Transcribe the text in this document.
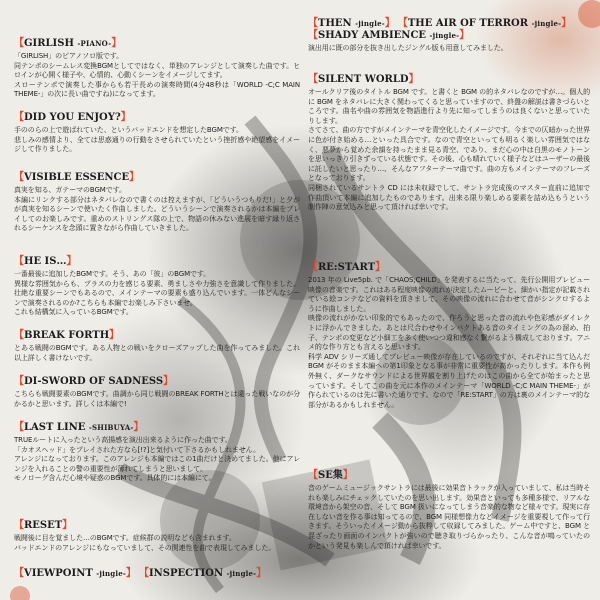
【GIRLISH -PIANO-】

「GIRLISH」のピアノソロ版です。
同テンポのシームレス変換BGMとしてではなく、単独のアレンジとして演奏した曲です。ヒロインが心開く様子や、心情的、心動くシーンをイメージしてます。
スローテンポで演奏した事からも若干長めの演奏時間(4分48秒は「WORLD -C;C MAIN THEME-」の次に長い曲ですね)になってます。

【DID YOU ENJOY?】

手ののらの上で遊ばれていた、というバッドエンドを想定したBGMです。
悲しみの感情より、全ては思惑通りの行動をさせられていたという挫折感や絶望感をイメージして作りました。

【VISIBLE ESSENCE】

真実を知る、ガテーマのBGMです。
本編にリンクする部分はネタバレなので書くのは控えますが、「どういうつもりだ!」と夕がが真実を知るシーンで使いたく作曲しました。どういうシーンで演奏されるかは本編をプレイしてのお楽しみです。重めのストリングス隊の上で、物語の休みない進展を暗す縁り返されるシーケンスを念頭に置きながら作曲していきました。

【HE IS…】

一番最後に追加したBGMです。そう、あの「彼」のBGMです。
異様な雰囲気からも、プラスの力を感じる要素、勇ましさや力強さを意識して作りました。壮絶な重要シーンでもあるので、メインテーマの要素も盛り込んでいます。一体どんなシーンで演奏されるのか?こちらも本編でお楽しみ下さいませ。
これも結構気に入っているBGMです。

【BREAK FORTH】

とある戦闘のBGMです。ある人物との戦いをクローズアップした曲を作ってみました。これ以上詳しく書けないです。

【DI-SWORD OF SADNESS】

こちらも戦闘要素のBGMです。曲調から同じ戦闘のBREAK FORTHとは違った戦いなのが分かるかと思います。詳しくは本編で!

【LAST LINE -SHIBUYA-】

TRUEルートに入ったという高揚感を演出出来るように作った曲です。
「カオスヘッド」をプレイされた方なら[!?]と気付いて下さるかもしれません。
アレンジになっております。このアレンジも本編ではこの1曲だけと決めてました。他にアレンジを入れることの警の重要性が薄れてしまうと思いまして。
モノローグ含んだ心境や疑惑のBGMです。具体的には本編にて。

【RESET】

戦闘後に目を覚ました…のBGMです。症候群の説明なども含まれます。
バッドエンドのアレンジにもなっていまして、その関連性を曲で表現してみました。

【VIEWPOINT -jingle-】 【INSPECTION -jingle-】
【THEN -jingle-】 【THE AIR OF TERROR -jingle-】
【SHADY AMBIENCE -jingle-】

演出用に既の部分を抜き出したジングル版も用意してみました。

【SILENT WORLD】

オールクリア後のタイトル BGM です。と書くと BGM の的ネタバレなのですが…。個人的に BGM をネタバレに大きく関わってくると思っていますので、終盤の解説は書きづらいところです。曲名や曲の雰囲気を物語進行より先に知ってしまうのは良くないと思っていたりします。
さてさて、曲の方ですがメインテーマを青空化したイメージです。今までの仄暗かった世界に色が付き始める…といった具合です。なので青空といっても明るく楽しい雰囲気ではなく、悪夢から覚めた余韻を持ったまま見る青空、であり、まだ心の中は白黒のモノトーンを思いっきり引きずっている状態です。その後、心も晴れていく様子などはユーザーの最後に託したいと思ったり…、そんなアフターテーマ曲です。曲の方もメインテーマのフレーズとなっております。
同梱されているサントラ CD には未収録でして、サントラ完成後のマスター直前に追加で作曲頂いて本編に追加したものであります。出来る限り楽しめる要素を詰め込もうという制作陣の意気込みと思って頂ければ幸いです。

【RE:START】

2013 年の Live5pb. で「CHAOS;CHILD」を発表するに当たって、先行公開用プレビュー映像の音楽です。これはある程度映像の流れが決定したムービーと、細かい指定が記載されている絵コンテなどの資料を頂きまして、その映像の流れに合わせて音がシンクロするように作曲しました。
映像の流れがかない印象的でもあったので、作ろうと思った音の流れや色彩感がダイレクトに浮かんできました。あとは尺合わせやインパクトある音のタイミングの為の溜め、拍子、テンポの変更など小細工を多く使いつつ違和感なく繋がるよう構成しております。アニメ的な作り方とも言えると思います。
科学 ADV シリーズ通してプレビュー映像が存在しているのですが、それぞれに当て込んだ BGM がそのまま本編への第1印象となる事が非常に重要性が高かったりします。本作も例外無く、ダークなサウンドによる世界観を割り上げたのはこの曲から全てが始まったと思っています。そしてこの曲を元に本作のメインテーマ「WORLD -C;C MAIN THEME-」が作られているのは先に書いた通りです。なので「RE:START」の方は裏のメインテーマ的な部分があるかもしれません。

【SE集】

音のゲームミュージックサントラには最後に効果音トラックが入っていまして、私は当時それも楽しみにチェックしていたのを思い出します。効果音といっても多種多様で、リアルな環境音から架空の音、そして BGM 扱いになってしまう音楽的な物など様々です。現実に存在しない音を作る事は知ってるので、BGM 同様想像力などイメージを重要視して作って行きます。そういったイメージ動から抜粋して収録してみました。ゲーム中ですと、BGM と混ざったり画面のインパクトが強いので聴き取りづらかったり、こんな音が鳴っていたのかという発見も楽しんで頂ければ幸いです。
